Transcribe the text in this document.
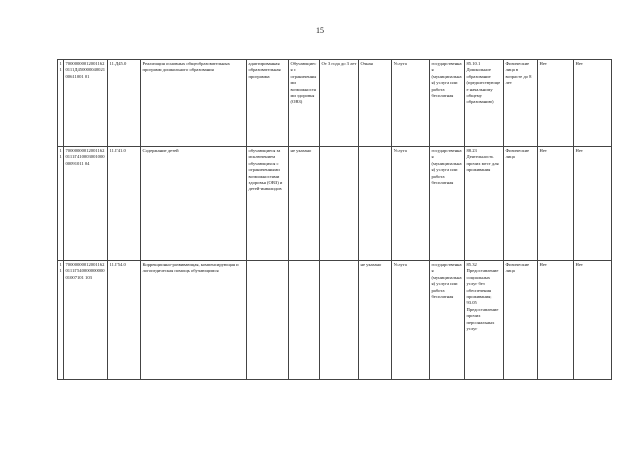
15
11	700000000120011620111Д45000004002100611001 01	11.Д45.0	Реализация основных общеобразовательных программ дошкольного образования	адаптированная образовательная программа	Обучающиеся с ограниченными возможностями здоровья (ОВЗ)	От 3 года до 3 лет	Очная	Услуга	государственная (муниципальная) услуга или работа бесплатная	85.10.1 Дошкольное образование (предшествующее начальному общему образованию)	Физические лица в возрасте до 8 лет	Нет	Нет
11	700000000120011620111Г41000300100000091011 04	11.Г41.0	Содержание детей	обучающиеся за исключением обучающихся с ограниченными возможностями здоровья (ОВЗ) и детей-инвалидов	не указано			Услуга	государственная (муниципальная) услуга или работа бесплатная	88.23 Деятельность прочих мест для проживания	Физические лица	Нет	Нет
11	700000000120011620111Г54000000000001007101 103	11.Г54.0	Коррекционно-развивающая, компенсирующая и логопедическая помощь обучающимся				не указано	Услуга	государственная (муниципальная) услуга или работа бесплатная	85.32 Предоставление социальных услуг без обеспечения проживания; 93.05 Предоставление прочих персональных услуг	Физические лица	Нет	Нет
